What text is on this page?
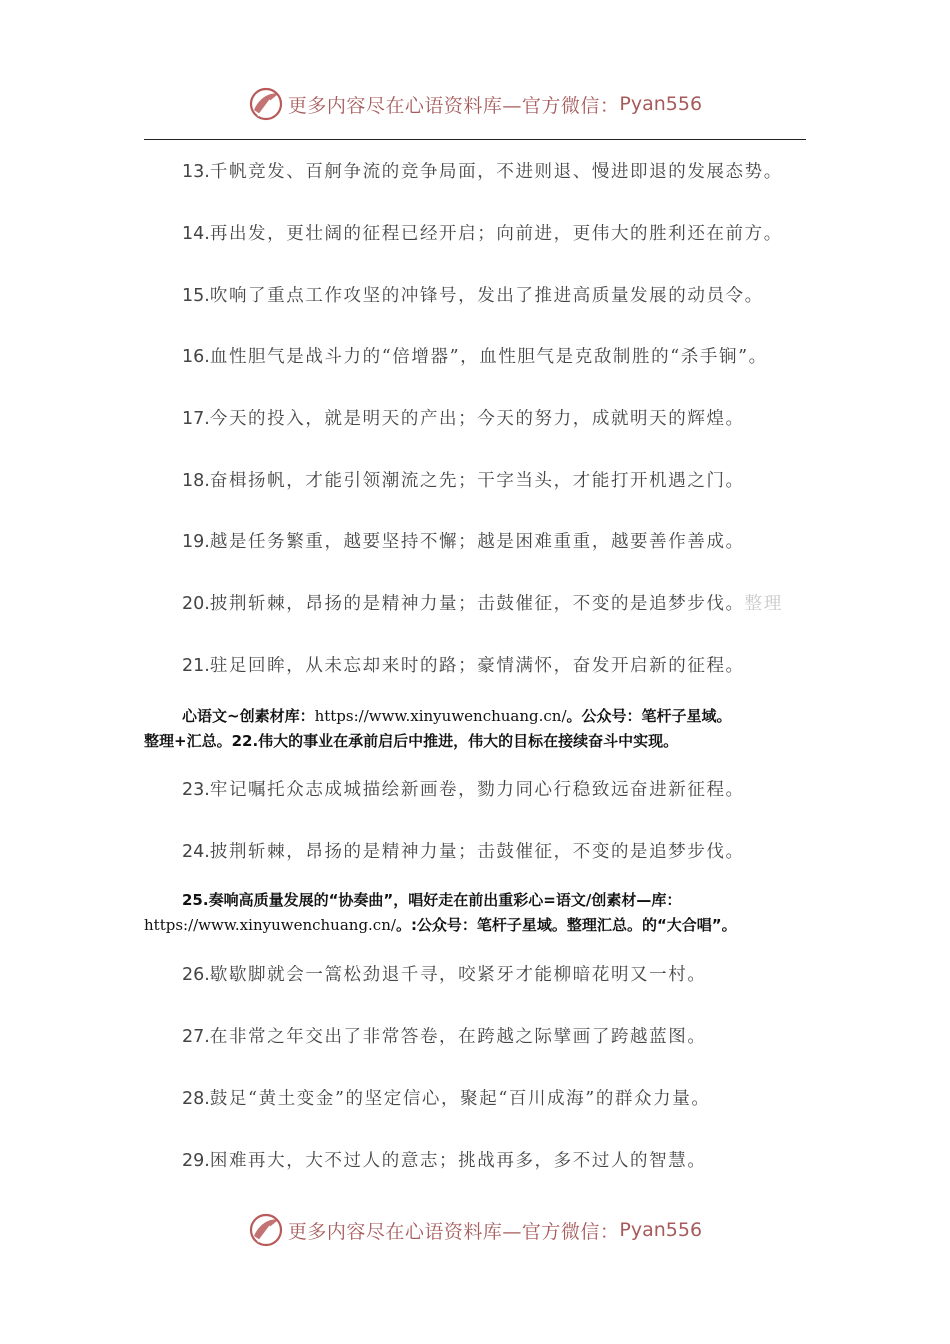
更多内容尽在心语资料库—官方微信： Pyan556
13.千帆竞发、百舸争流的竞争局面，不进则退、慢进即退的发展态势。
14.再出发，更壮阔的征程已经开启；向前进，更伟大的胜利还在前方。
15.吹响了重点工作攻坚的冲锋号，发出了推进高质量发展的动员令。
16.血性胆气是战斗力的“倍增器”，血性胆气是克敌制胜的“杀手锏”。
17.今天的投入，就是明天的产出；今天的努力，成就明天的辉煌。
18.奋楫扬帆，才能引领潮流之先；干字当头，才能打开机遇之门。
19.越是任务繁重，越要坚持不懈；越是困难重重，越要善作善成。
20.披荆斩棘，昂扬的是精神力量；击鼓催征，不变的是追梦步伐。整理
21.驻足回眸，从未忘却来时的路；豪情满怀，奋发开启新的征程。
心语文~创素材库：https://www.xinyuwenchuang.cn/。公众号：笔杆子星域。
整理+汇总。22.伟大的事业在承前启后中推进，伟大的目标在接续奋斗中实现。
23.牢记嘱托众志成城描绘新画卷，勠力同心行稳致远奋进新征程。
24.披荆斩棘，昂扬的是精神力量；击鼓催征，不变的是追梦步伐。
25.奏响高质量发展的“协奏曲”，唱好走在前出重彩心=语文/创素材—库：
https://www.xinyuwenchuang.cn/。:公众号：笔杆子星域。整理汇总。的“大合唱”。
26.歇歇脚就会一篙松劲退千寻，咬紧牙才能柳暗花明又一村。
27.在非常之年交出了非常答卷，在跨越之际擘画了跨越蓝图。
28.鼓足“黄土变金”的坚定信心，聚起“百川成海”的群众力量。
29.困难再大，大不过人的意志；挑战再多，多不过人的智慧。
更多内容尽在心语资料库—官方微信： Pyan556
